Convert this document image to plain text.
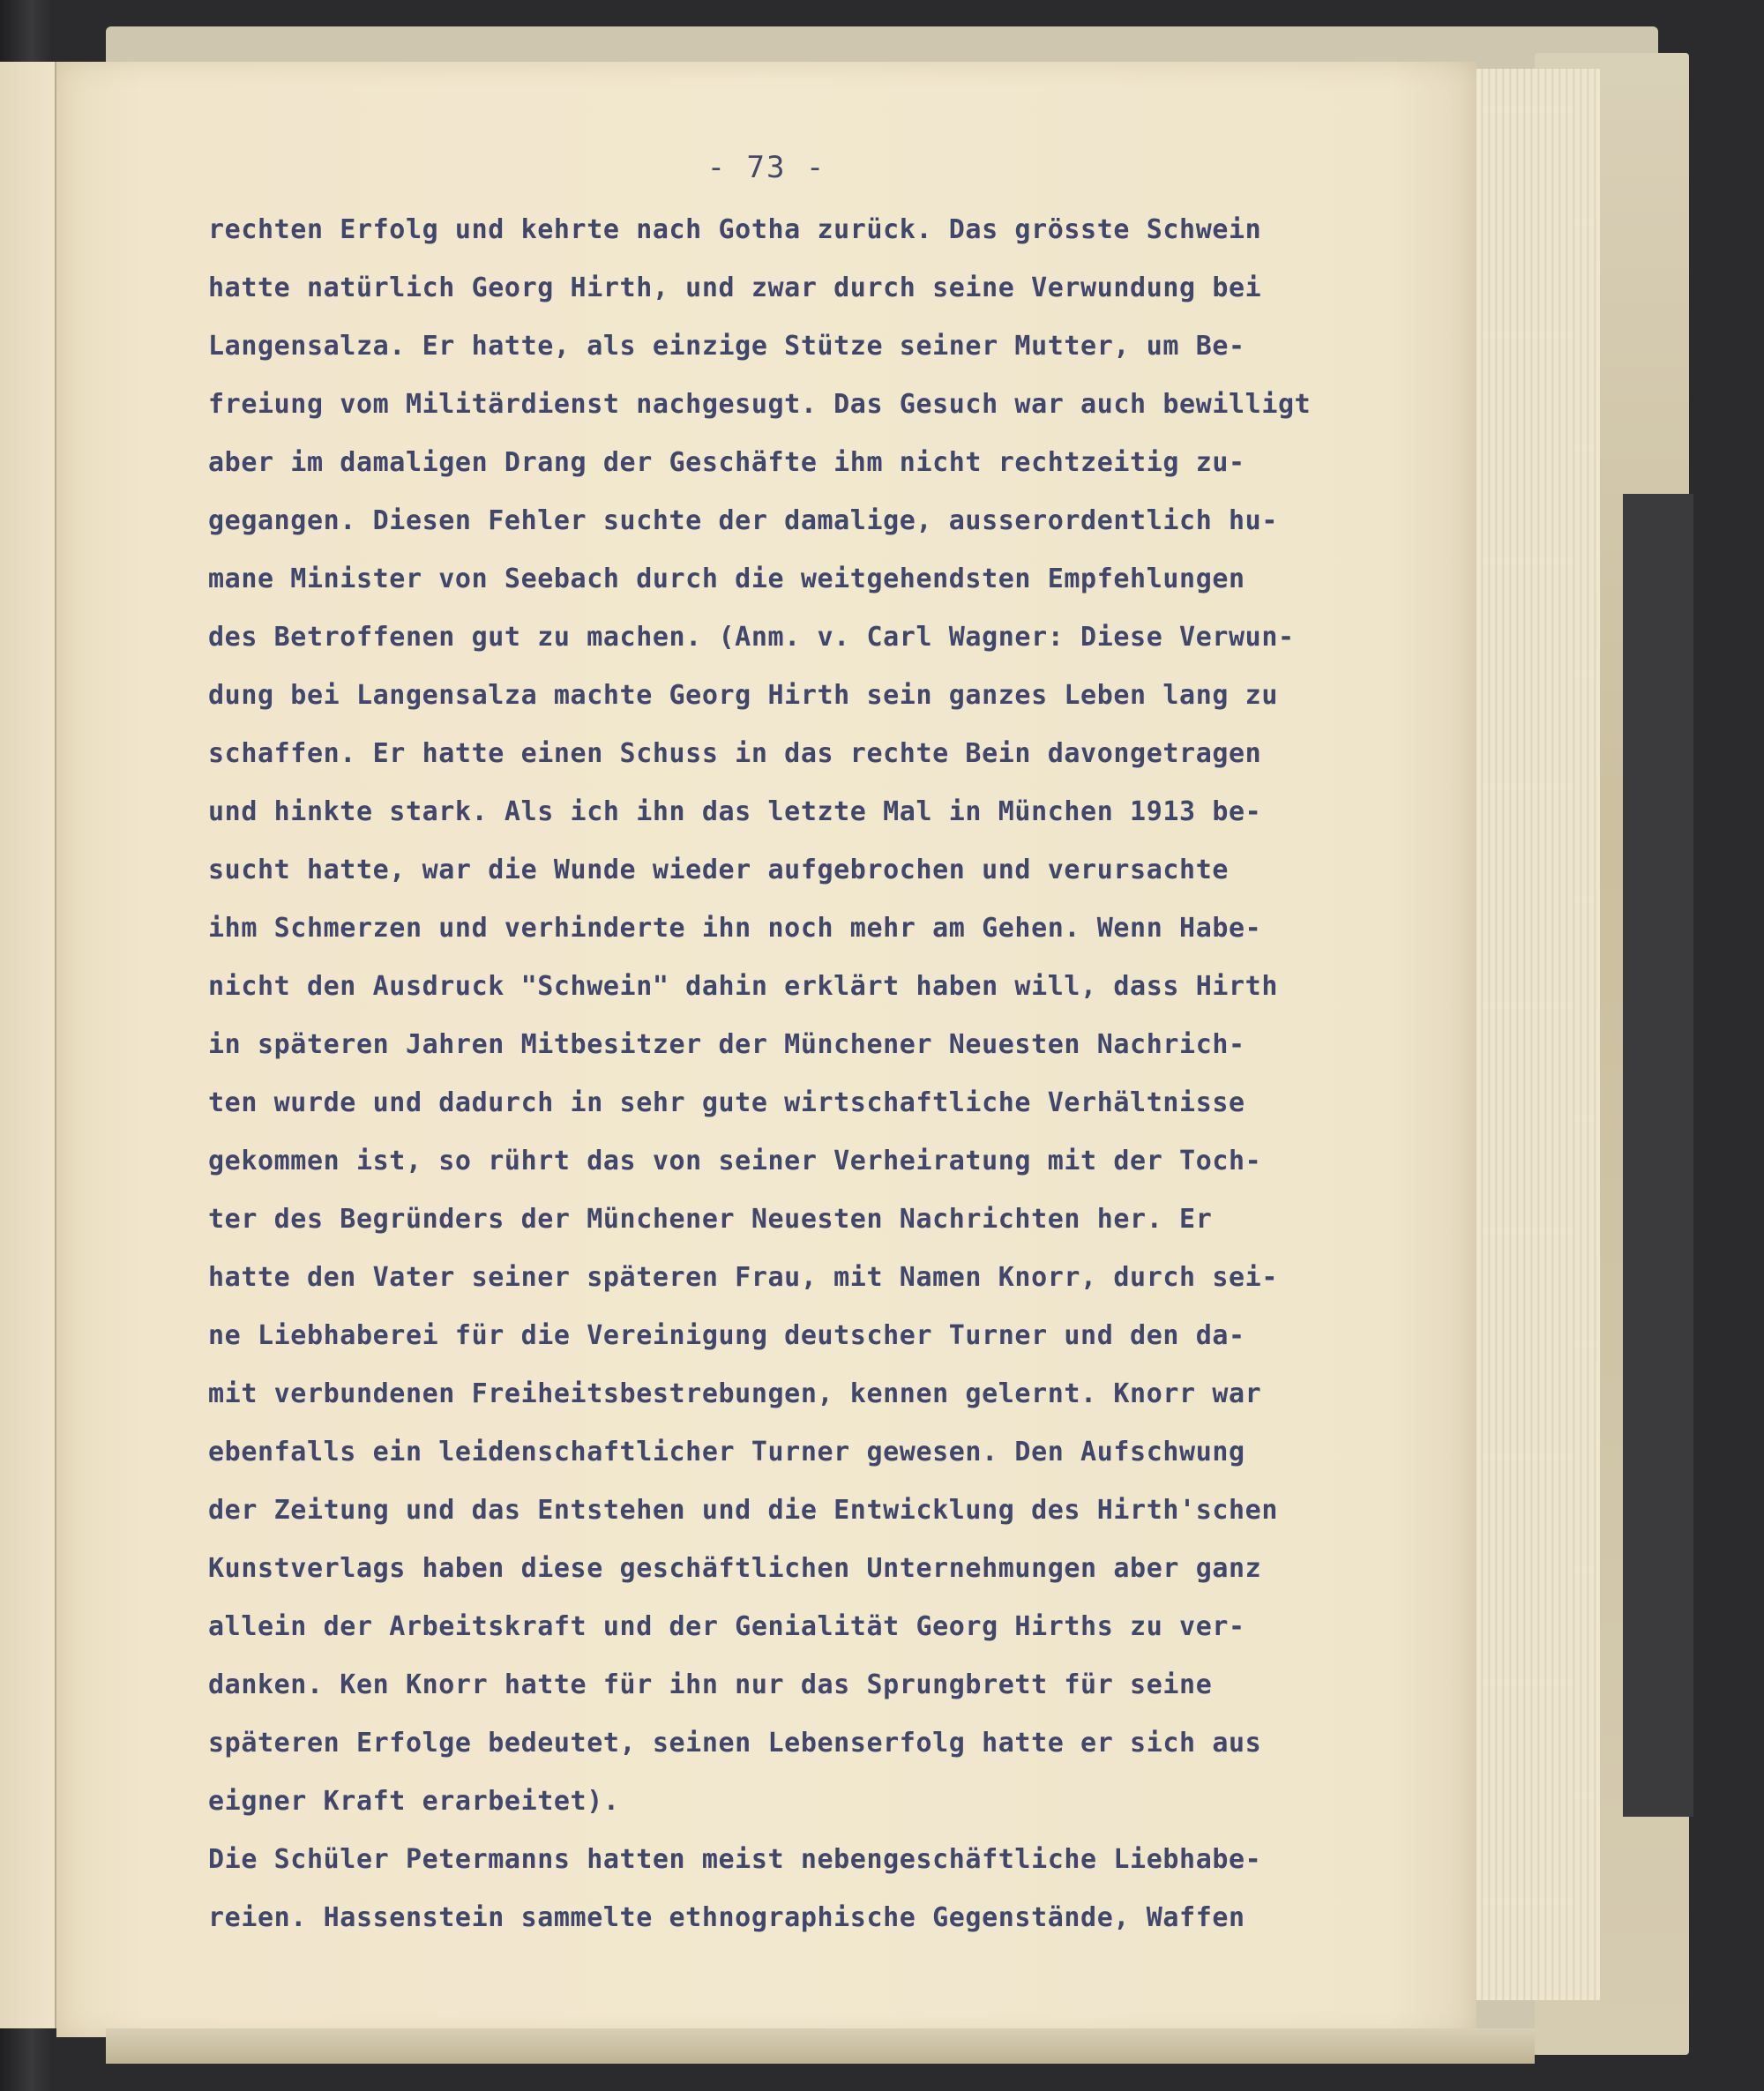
- 73 -
rechten Erfolg und kehrte nach Gotha zurück. Das grösste Schwein
hatte natürlich Georg Hirth, und zwar durch seine Verwundung bei
Langensalza. Er hatte, als einzige Stütze seiner Mutter, um Be-
freiung vom Militärdienst nachgesugt. Das Gesuch war auch bewilligt
aber im damaligen Drang der Geschäfte ihm nicht rechtzeitig zu-
gegangen. Diesen Fehler suchte der damalige, ausserordentlich hu-
mane Minister von Seebach durch die weitgehendsten Empfehlungen
des Betroffenen gut zu machen. (Anm. v. Carl Wagner: Diese Verwun-
dung bei Langensalza machte Georg Hirth sein ganzes Leben lang zu
schaffen. Er hatte einen Schuss in das rechte Bein davongetragen
und hinkte stark. Als ich ihn das letzte Mal in München 1913 be-
sucht hatte, war die Wunde wieder aufgebrochen und verursachte
ihm Schmerzen und verhinderte ihn noch mehr am Gehen. Wenn Habe-
nicht den Ausdruck "Schwein" dahin erklärt haben will, dass Hirth
in späteren Jahren Mitbesitzer der Münchener Neuesten Nachrich-
ten wurde und dadurch in sehr gute wirtschaftliche Verhältnisse
gekommen ist, so rührt das von seiner Verheiratung mit der Toch-
ter des Begründers der Münchener Neuesten Nachrichten her. Er
hatte den Vater seiner späteren Frau, mit Namen Knorr, durch sei-
ne Liebhaberei für die Vereinigung deutscher Turner und den da-
mit verbundenen Freiheitsbestrebungen, kennen gelernt. Knorr war
ebenfalls ein leidenschaftlicher Turner gewesen. Den Aufschwung
der Zeitung und das Entstehen und die Entwicklung des Hirth'schen
Kunstverlags haben diese geschäftlichen Unternehmungen aber ganz
allein der Arbeitskraft und der Genialität Georg Hirths zu ver-
danken. Ken Knorr hatte für ihn nur das Sprungbrett für seine
späteren Erfolge bedeutet, seinen Lebenserfolg hatte er sich aus
eigner Kraft erarbeitet).
Die Schüler Petermanns hatten meist nebengeschäftliche Liebhabe-
reien. Hassenstein sammelte ethnographische Gegenstände, Waffen
